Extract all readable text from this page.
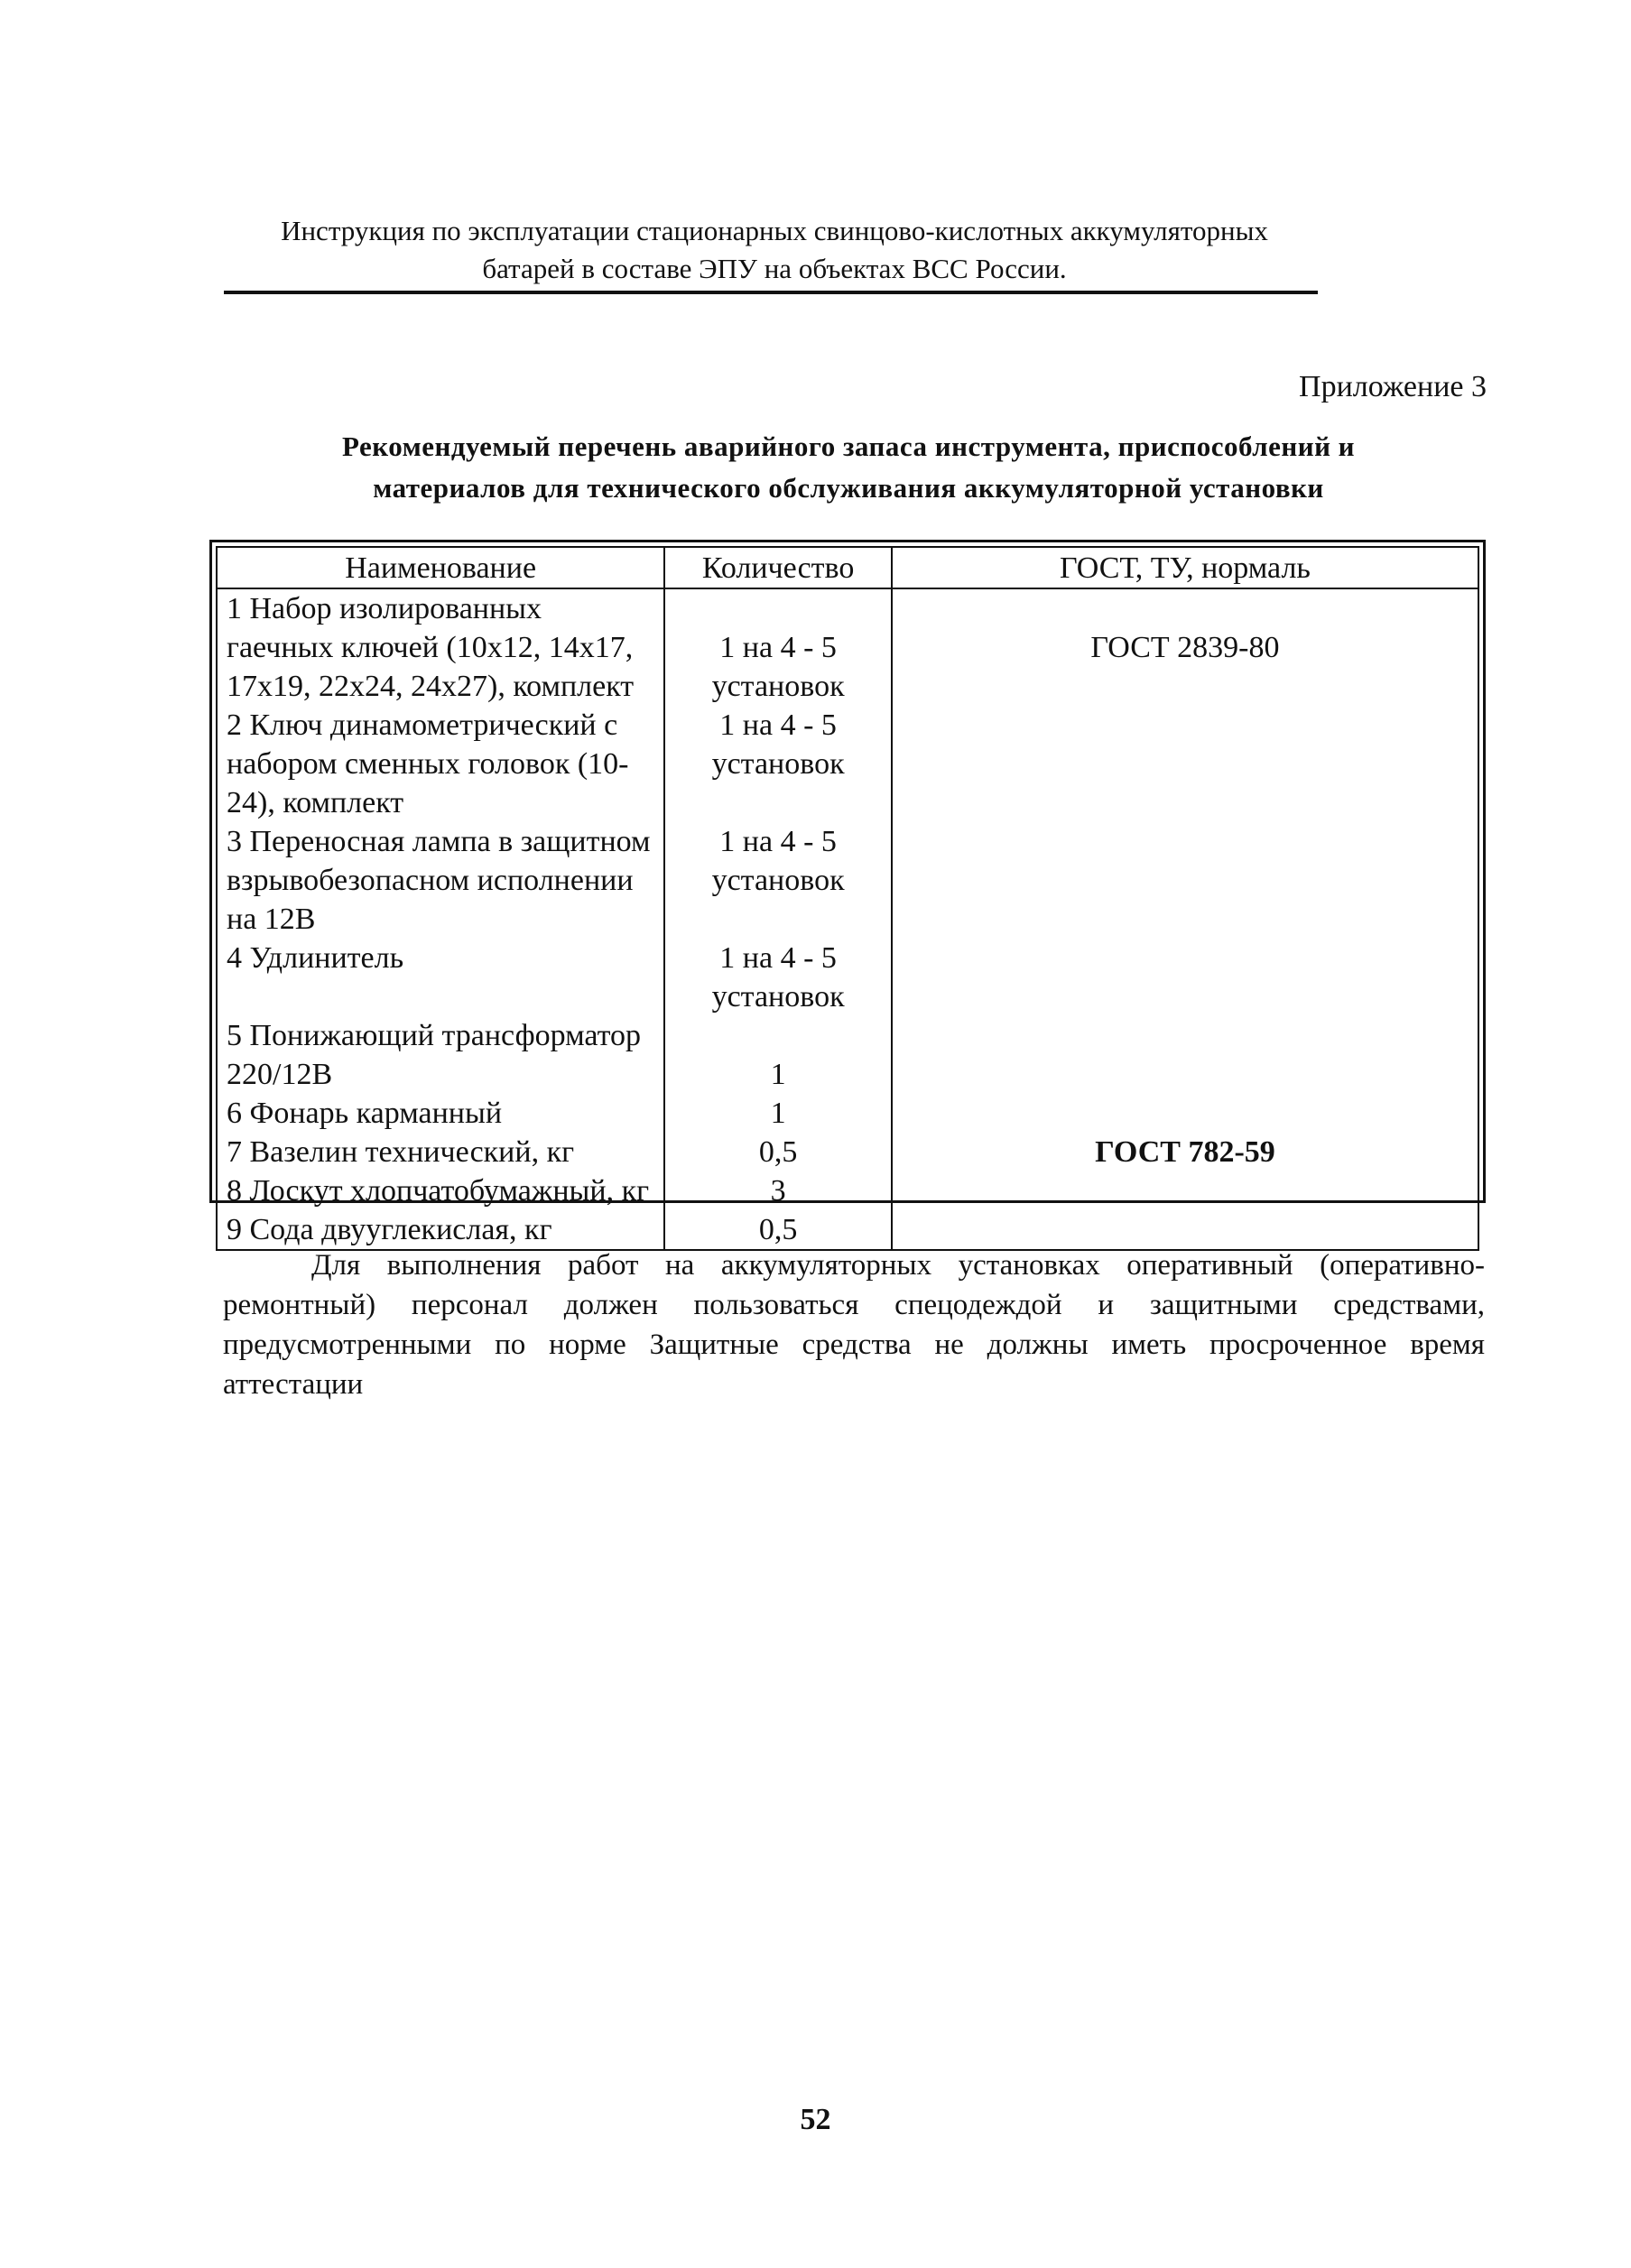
Инструкция по эксплуатации стационарных свинцово-кислотных аккумуляторных
батарей в составе ЭПУ на объектах ВСС России.
Приложение 3
Рекомендуемый перечень аварийного запаса инструмента, приспособлений и материалов для технического обслуживания аккумуляторной установки
Наименование	Количество	ГОСТ, ТУ, нормаль
1 Набор изолированных гаечных ключей (10x12, 14x17, 17x19, 22x24, 24x27), комплект	1 на 4 - 5 установок	ГОСТ 2839-80
2 Ключ динамометрический с набором сменных головок (10-24), комплект	1 на 4 - 5 установок	
3 Переносная лампа в защитном взрывобезопасном исполнении на 12В	1 на 4 - 5 установок	
4 Удлинитель	1 на 4 - 5 установок	
5 Понижающий трансформатор 220/12В	1	
6 Фонарь карманный	1	
7 Вазелин технический, кг	0,5	ГОСТ 782-59
8 Лоскут хлопчатобумажный, кг	3	
9 Сода двууглекислая, кг	0,5	
Для выполнения работ на аккумуляторных установках оперативный (оперативно-ремонтный) персонал должен пользоваться спецодеждой и защитными средствами, предусмотренными по норме Защитные средства не должны иметь просроченное время аттестации
52
